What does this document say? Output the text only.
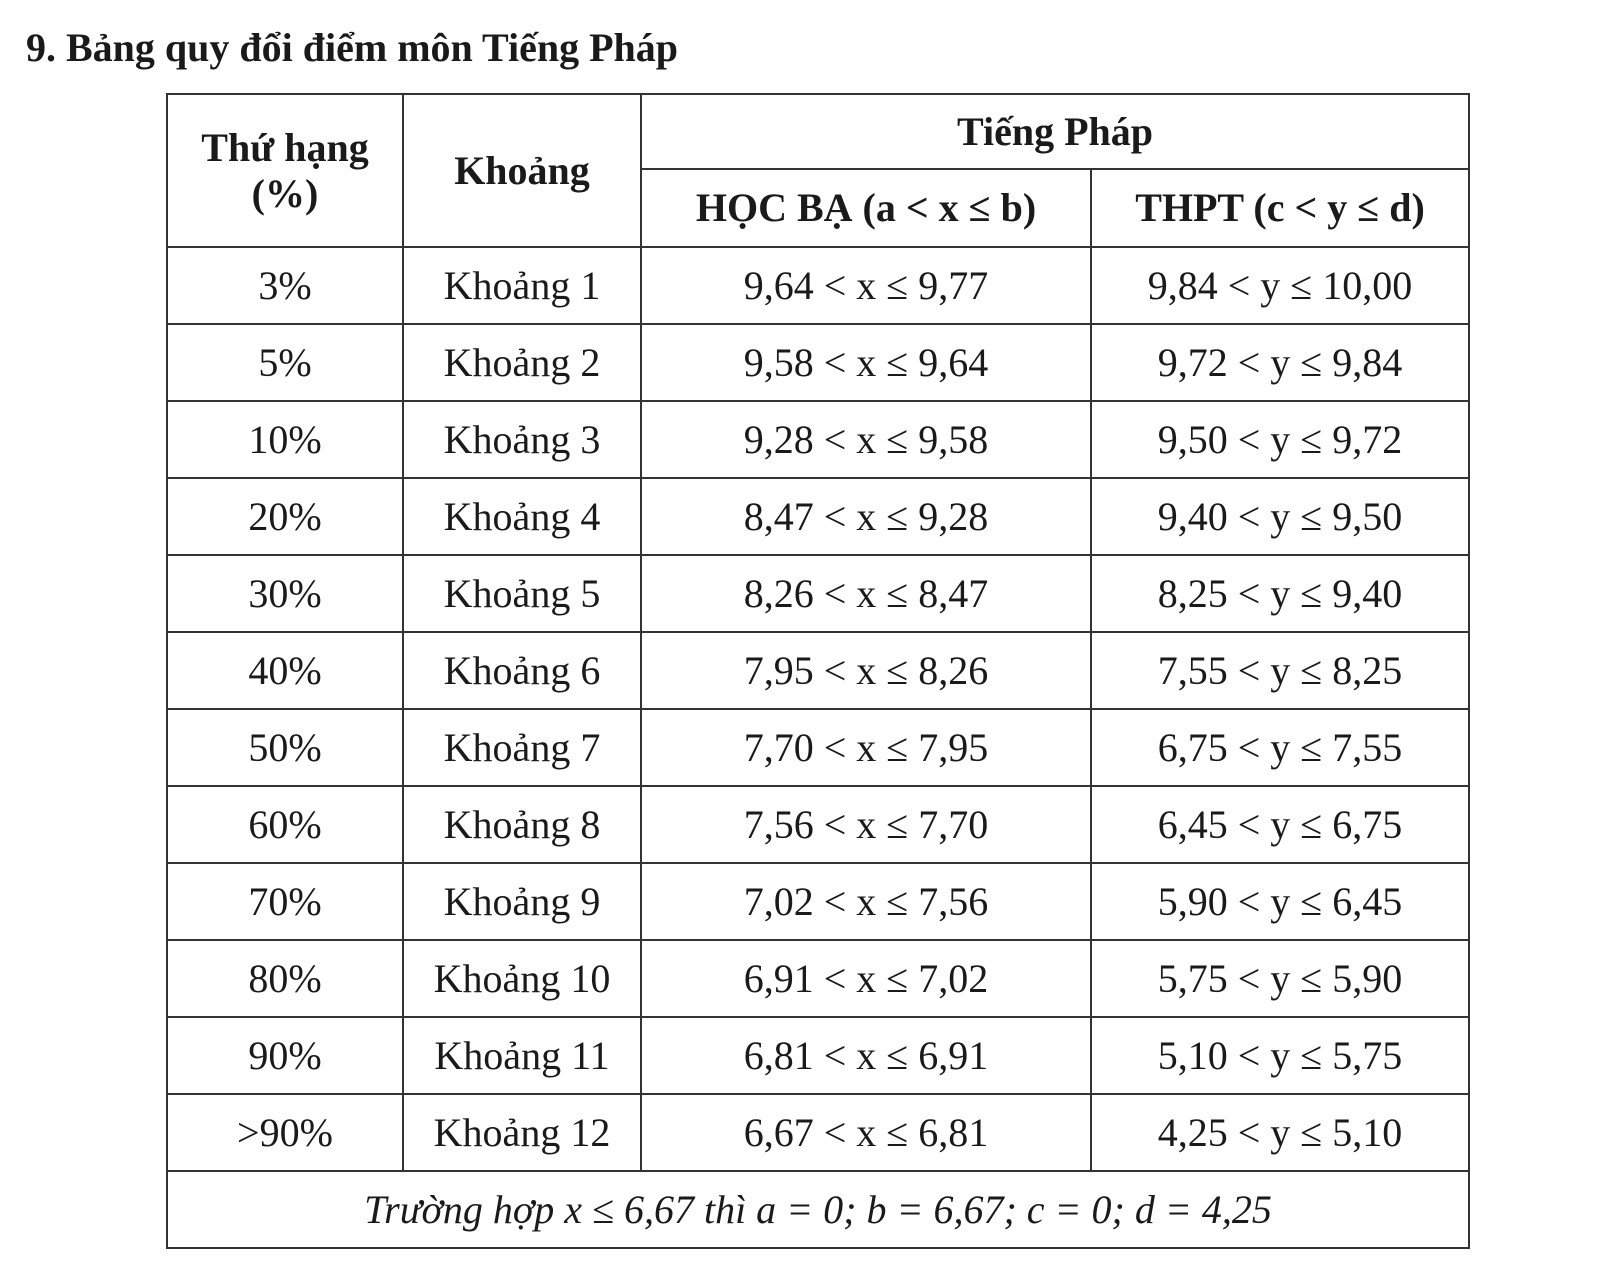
9. Bảng quy đổi điểm môn Tiếng Pháp
Thứ hạng
(%)	Khoảng	Tiếng Pháp	
		HỌC BẠ (a < x ≤ b)	THPT (c < y ≤ d)
3%	Khoảng 1	9,64 < x ≤ 9,77	9,84 < y ≤ 10,00
5%	Khoảng 2	9,58 < x ≤ 9,64	9,72 < y ≤ 9,84
10%	Khoảng 3	9,28 < x ≤ 9,58	9,50 < y ≤ 9,72
20%	Khoảng 4	8,47 < x ≤ 9,28	9,40 < y ≤ 9,50
30%	Khoảng 5	8,26 < x ≤ 8,47	8,25 < y ≤ 9,40
40%	Khoảng 6	7,95 < x ≤ 8,26	7,55 < y ≤ 8,25
50%	Khoảng 7	7,70 < x ≤ 7,95	6,75 < y ≤ 7,55
60%	Khoảng 8	7,56 < x ≤ 7,70	6,45 < y ≤ 6,75
70%	Khoảng 9	7,02 < x ≤ 7,56	5,90 < y ≤ 6,45
80%	Khoảng 10	6,91 < x ≤ 7,02	5,75 < y ≤ 5,90
90%	Khoảng 11	6,81 < x ≤ 6,91	5,10 < y ≤ 5,75
>90%	Khoảng 12	6,67 < x ≤ 6,81	4,25 < y ≤ 5,10
Trường hợp x ≤ 6,67 thì a = 0; b = 6,67; c = 0; d = 4,25			
